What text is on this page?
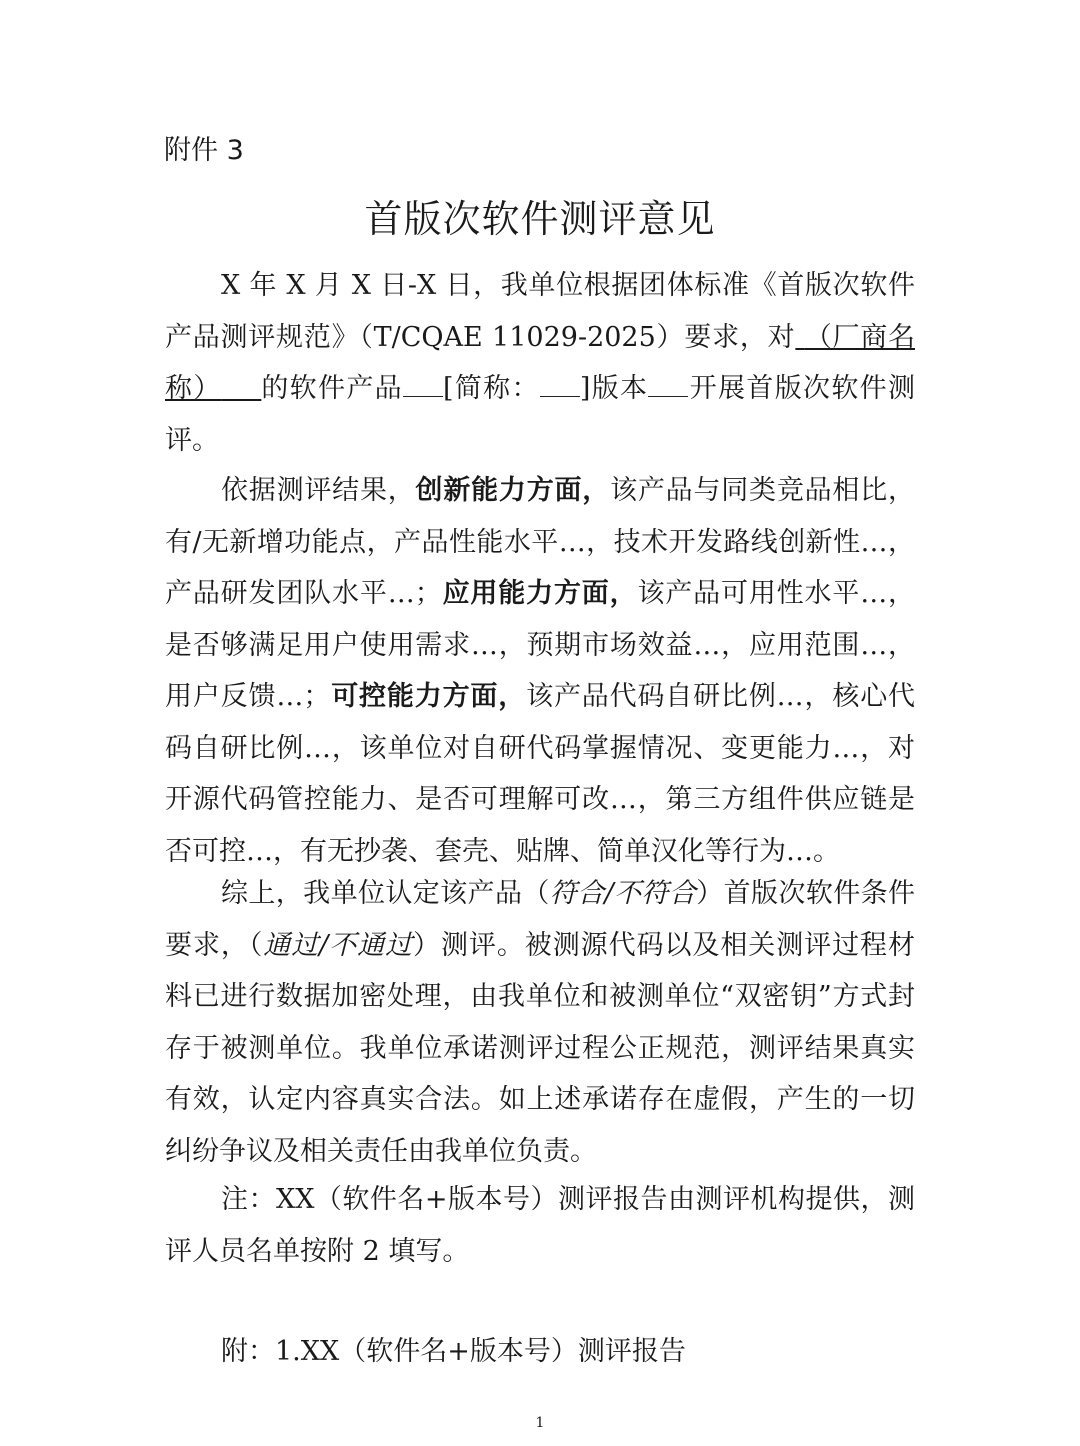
附件 3
首版次软件测评意见

X 年 X 月 X 日-X 日，我单位根据团体标准《首版次软件产品测评规范》（T/CQAE 11029-2025）要求，对 （厂商名称） 的软件产品 [简称： ]版本 开展首版次软件测评。

依据测评结果，创新能力方面，该产品与同类竞品相比，有/无新增功能点，产品性能水平…，技术开发路线创新性…，产品研发团队水平…；应用能力方面，该产品可用性水平…，是否够满足用户使用需求…，预期市场效益…，应用范围…，用户反馈…；可控能力方面，该产品代码自研比例…，核心代码自研比例…，该单位对自研代码掌握情况、变更能力…，对开源代码管控能力、是否可理解可改…，第三方组件供应链是否可控…，有无抄袭、套壳、贴牌、简单汉化等行为…。

综上，我单位认定该产品（符合/不符合）首版次软件条件要求，（通过/不通过）测评。被测源代码以及相关测评过程材料已进行数据加密处理，由我单位和被测单位“双密钥”方式封存于被测单位。我单位承诺测评过程公正规范，测评结果真实有效，认定内容真实合法。如上述承诺存在虚假，产生的一切纠纷争议及相关责任由我单位负责。

注：XX（软件名+版本号）测评报告由测评机构提供，测评人员名单按附 2 填写。

附：1.XX（软件名+版本号）测评报告

1
